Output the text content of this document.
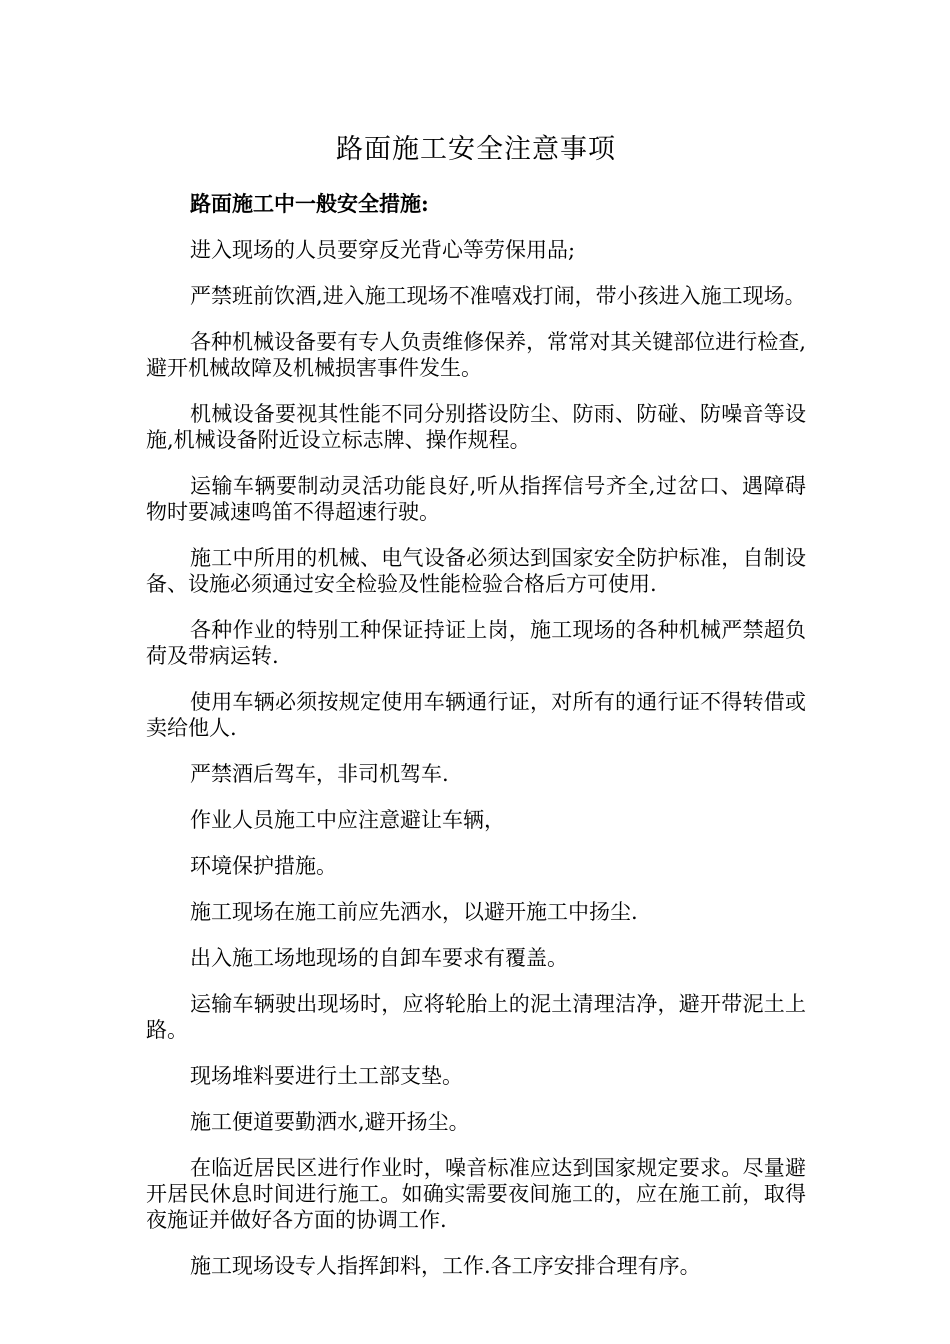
路面施工安全注意事项

路面施工中一般安全措施:

进入现场的人员要穿反光背心等劳保用品;

严禁班前饮酒,进入施工现场不准嘻戏打闹，带小孩进入施工现场。

各种机械设备要有专人负责维修保养，常常对其关键部位进行检查,避开机械故障及机械损害事件发生。

机械设备要视其性能不同分别搭设防尘、防雨、防碰、防噪音等设施,机械设备附近设立标志牌、操作规程。

运输车辆要制动灵活功能良好,听从指挥信号齐全,过岔口、遇障碍物时要减速鸣笛不得超速行驶。

施工中所用的机械、电气设备必须达到国家安全防护标准，自制设备、设施必须通过安全检验及性能检验合格后方可使用.

各种作业的特别工种保证持证上岗，施工现场的各种机械严禁超负荷及带病运转.

使用车辆必须按规定使用车辆通行证，对所有的通行证不得转借或卖给他人.

严禁酒后驾车，非司机驾车.

作业人员施工中应注意避让车辆，

环境保护措施。

施工现场在施工前应先洒水，以避开施工中扬尘.

出入施工场地现场的自卸车要求有覆盖。

运输车辆驶出现场时，应将轮胎上的泥土清理洁净，避开带泥土上路。

现场堆料要进行土工部支垫。

施工便道要勤洒水,避开扬尘。

在临近居民区进行作业时，噪音标准应达到国家规定要求。尽量避开居民休息时间进行施工。如确实需要夜间施工的，应在施工前，取得夜施证并做好各方面的协调工作.

施工现场设专人指挥卸料，工作.各工序安排合理有序。
